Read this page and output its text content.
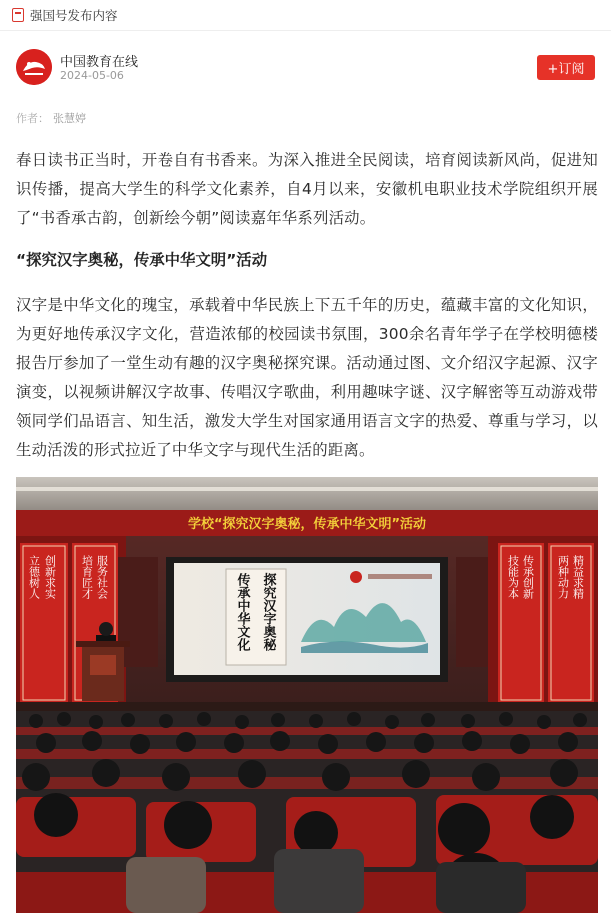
强国号发布内容
中国教育在线
2024-05-06	+订阅
作者： 张慧婷

春日读书正当时，开卷自有书香来。为深入推进全民阅读，培育阅读新风尚，促进知识传播，提高大学生的科学文化素养，自4月以来，安徽机电职业技术学院组织开展了“书香承古韵，创新绘今朝”阅读嘉年华系列活动。

“探究汉字奥秘，传承中华文明”活动

汉字是中华文化的瑰宝，承载着中华民族上下五千年的历史，蕴藏丰富的文化知识，为更好地传承汉字文化，营造浓郁的校园读书氛围，300余名青年学子在学校明德楼报告厅参加了一堂生动有趣的汉字奥秘探究课。活动通过图、文介绍汉字起源、汉字演变，以视频讲解汉字故事、传唱汉字歌曲，利用趣味字谜、汉字解密等互动游戏带领同学们品语言、知生活，激发大学生对国家通用语言文字的热爱、尊重与学习，以生动活泼的形式拉近了中华文字与现代生活的距离。

学校“探究汉字奥秘，传承中华文明”活动
立德树人 创新求实 培育匠才 服务社会	技能为本 传承创新 两种动力 精益求精
探究汉字奥秘
传承中华文化
